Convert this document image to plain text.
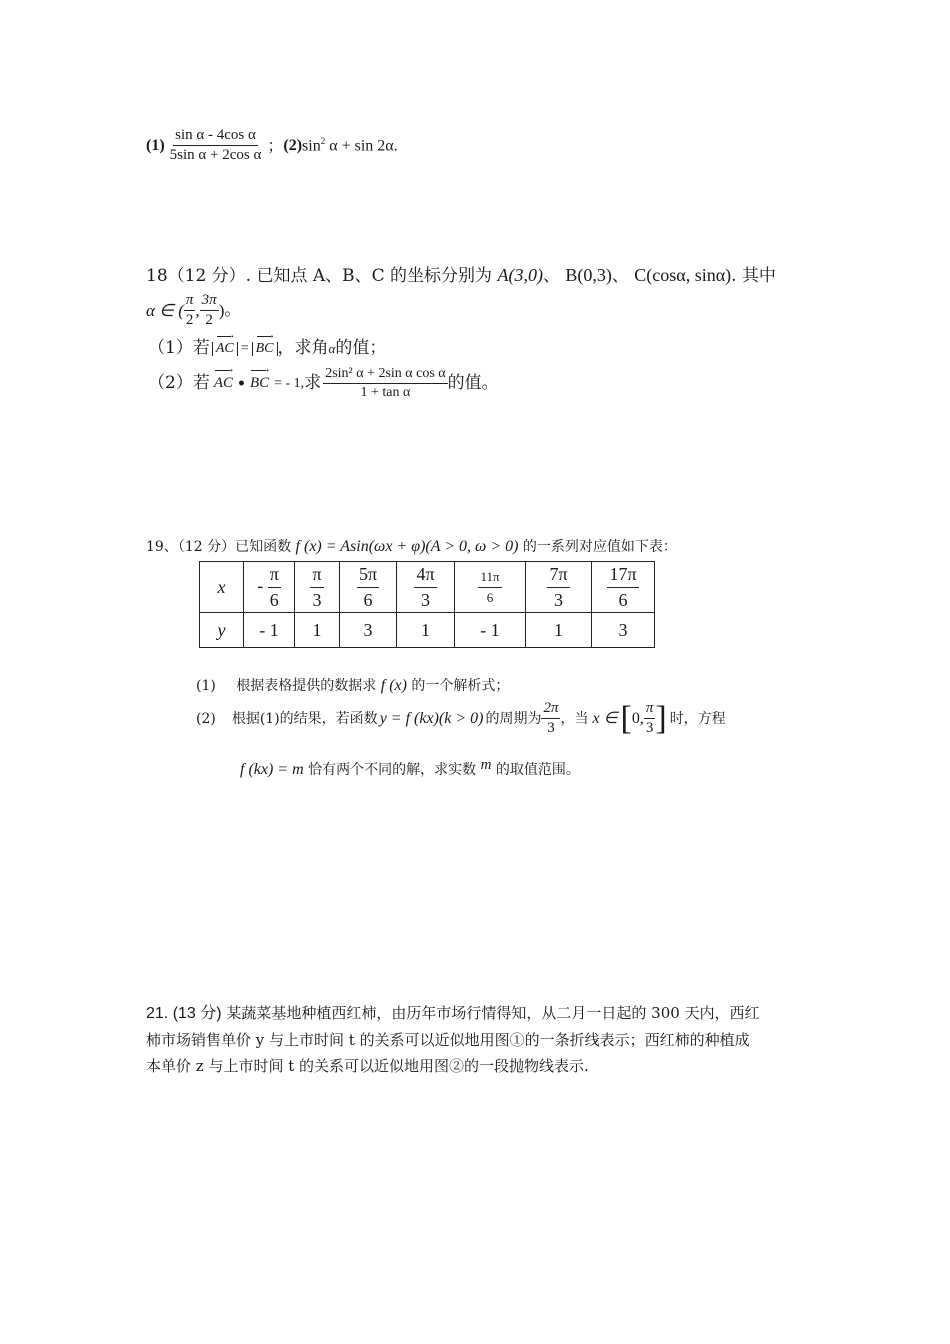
$(1) \frac{\text{sin α - 4cos α}}{\text{5sin α + 2cos α}}$ ； (2) $\sin^2 \alpha + \sin 2\alpha$.
18（12 分）. 已知点 A、B、C 的坐标分别为 A(3,0)、 B(0,3)、 C(cosα, sinα). 其中
α ∈ ( $\frac{\pi}{2}$ , $\frac{3\pi}{2}$ ) 。
（1）若 → AC = → BC ，求角 α 的值；
（2）若 → AC • → BC = - 1, 求 $\frac{\text{2sin² α + 2sin α cos α}}{\text{1 + tan α}}$ 的值。
19、（12 分）已知函数 f (x) = Asin(ωx + φ)(A > 0, ω > 0) 的一系列对应值如下表：
x	- $\frac{\pi}{6}$	$\frac{\pi}{3}$	$\frac{5\pi}{6}$	$\frac{4\pi}{3}$	$\frac{11\pi}{6}$	$\frac{7\pi}{3}$	$\frac{17\pi}{6}$

y	- 1	1	3	1	- 1	1	3
(1) 根据表格提供的数据求 f (x) 的一个解析式；
(2) 根据(1)的结果，若函数 y = f (kx)(k > 0) 的周期为 $\frac{2\pi}{3}$ ，当 x ∈ [ 0, $\frac{\pi}{3}$ ] 时，方程
f (kx) = m 恰有两个不同的解，求实数 m 的取值范围。
21. (13 分) 某蔬菜基地种植西红柿，由历年市场行情得知，从二月一日起的 300 天内，西红
柿市场销售单价 y 与上市时间 t 的关系可以近似地用图①的一条折线表示；西红柿的种植成
本单价 z 与上市时间 t 的关系可以近似地用图②的一段抛物线表示.
